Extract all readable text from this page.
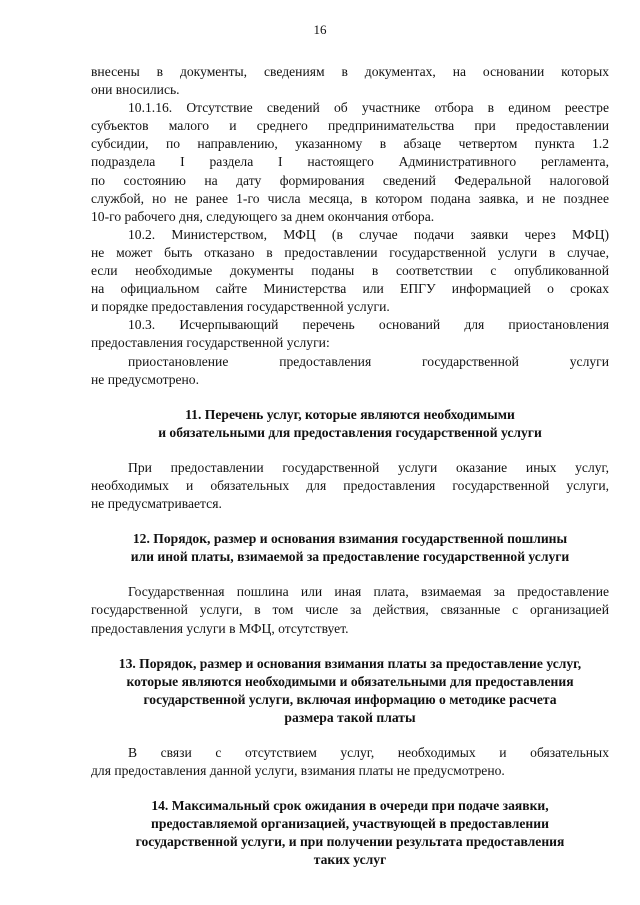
16

внесены в документы, сведениям в документах, на основании которых
они вносились.

10.1.16. Отсутствие сведений об участнике отбора в едином реестре
субъектов малого и среднего предпринимательства при предоставлении
субсидии, по направлению, указанному в абзаце четвертом пункта 1.2
подраздела I раздела I настоящего Административного регламента,
по состоянию на дату формирования сведений Федеральной налоговой
службой, но не ранее 1-го числа месяца, в котором подана заявка, и не позднее
10-го рабочего дня, следующего за днем окончания отбора.

10.2. Министерством, МФЦ (в случае подачи заявки через МФЦ)
не может быть отказано в предоставлении государственной услуги в случае,
если необходимые документы поданы в соответствии с опубликованной
на официальном сайте Министерства или ЕПГУ информацией о сроках
и порядке предоставления государственной услуги.

10.3. Исчерпывающий перечень оснований для приостановления
предоставления государственной услуги:

приостановление предоставления государственной услуги
не предусмотрено.

11. Перечень услуг, которые являются необходимыми
и обязательными для предоставления государственной услуги

При предоставлении государственной услуги оказание иных услуг,
необходимых и обязательных для предоставления государственной услуги,
не предусматривается.

12. Порядок, размер и основания взимания государственной пошлины
или иной платы, взимаемой за предоставление государственной услуги

Государственная пошлина или иная плата, взимаемая за предоставление
государственной услуги, в том числе за действия, связанные с организацией
предоставления услуги в МФЦ, отсутствует.

13. Порядок, размер и основания взимания платы за предоставление услуг,
которые являются необходимыми и обязательными для предоставления
государственной услуги, включая информацию о методике расчета
размера такой платы

В связи с отсутствием услуг, необходимых и обязательных
для предоставления данной услуги, взимания платы не предусмотрено.

14. Максимальный срок ожидания в очереди при подаче заявки,
предоставляемой организацией, участвующей в предоставлении
государственной услуги, и при получении результата предоставления
таких услуг
